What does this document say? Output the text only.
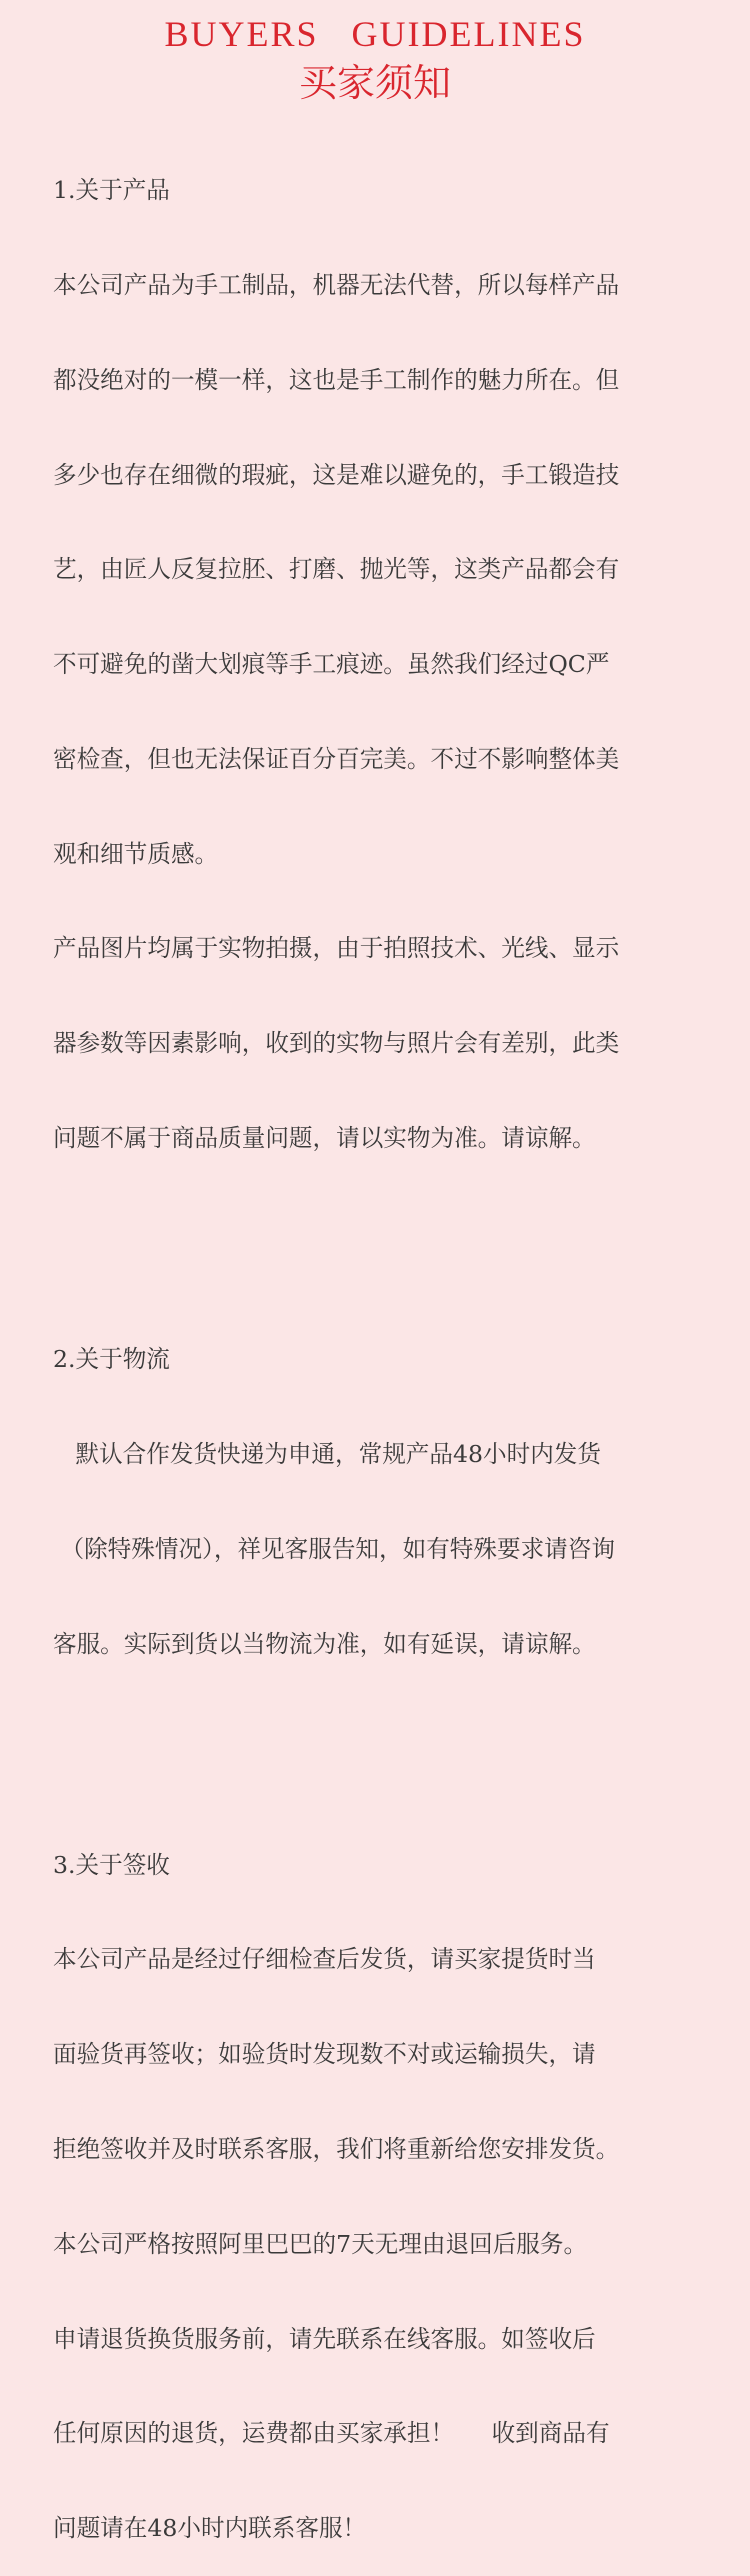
BUYERS GUIDELINES
买家须知

1.关于产品

本公司产品为手工制品，机器无法代替，所以每样产品

都没绝对的一模一样，这也是手工制作的魅力所在。但

多少也存在细微的瑕疵，这是难以避免的，手工锻造技

艺，由匠人反复拉胚、打磨、抛光等，这类产品都会有

不可避免的凿大划痕等手工痕迹。虽然我们经过QC严

密检查，但也无法保证百分百完美。不过不影响整体美

观和细节质感。

产品图片均属于实物拍摄，由于拍照技术、光线、显示

器参数等因素影响，收到的实物与照片会有差别，此类

问题不属于商品质量问题，请以实物为准。请谅解。

2.关于物流

默认合作发货快递为申通，常规产品48小时内发货

（除特殊情况），祥见客服告知，如有特殊要求请咨询

客服。实际到货以当物流为准，如有延误，请谅解。

3.关于签收

本公司产品是经过仔细检查后发货，请买家提货时当

面验货再签收；如验货时发现数不对或运输损失，请

拒绝签收并及时联系客服，我们将重新给您安排发货。

本公司严格按照阿里巴巴的7天无理由退回后服务。

申请退货换货服务前，请先联系在线客服。如签收后

任何原因的退货，运费都由买家承担！     收到商品有

问题请在48小时内联系客服！
